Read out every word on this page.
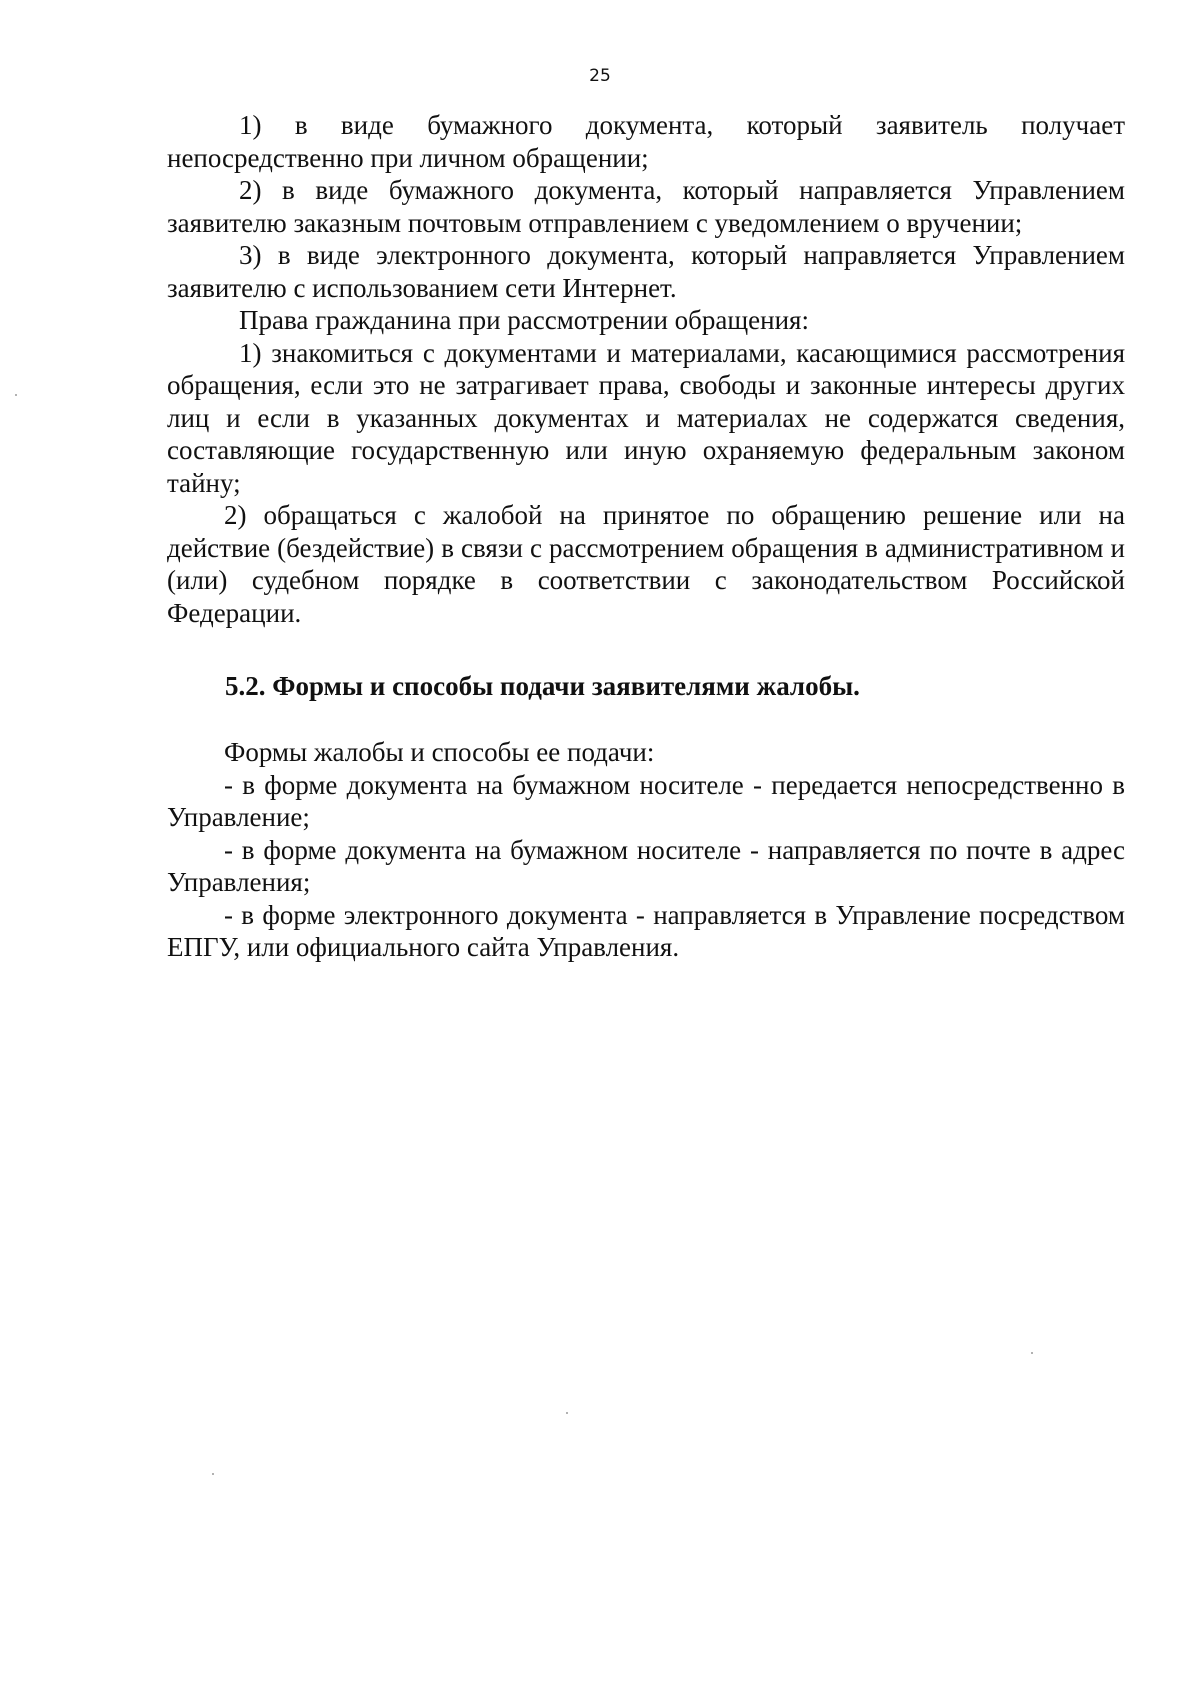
25

1) в виде бумажного документа, который заявитель получает непосредственно при личном обращении;

2) в виде бумажного документа, который направляется Управлением заявителю заказным почтовым отправлением с уведомлением о вручении;

3) в виде электронного документа, который направляется Управлением заявителю с использованием сети Интернет.

Права гражданина при рассмотрении обращения:

1) знакомиться с документами и материалами, касающимися рассмотрения обращения, если это не затрагивает права, свободы и законные интересы других лиц и если в указанных документах и материалах не содержатся сведения, составляющие государственную или иную охраняемую федеральным законом тайну;

2) обращаться с жалобой на принятое по обращению решение или на действие (бездействие) в связи с рассмотрением обращения в административном и (или) судебном порядке в соответствии с законодательством Российской Федерации.

5.2. Формы и способы подачи заявителями жалобы.

Формы жалобы и способы ее подачи:

- в форме документа на бумажном носителе - передается непосредственно в Управление;

- в форме документа на бумажном носителе - направляется по почте в адрес Управления;

- в форме электронного документа - направляется в Управление посредством ЕПГУ, или официального сайта Управления.
